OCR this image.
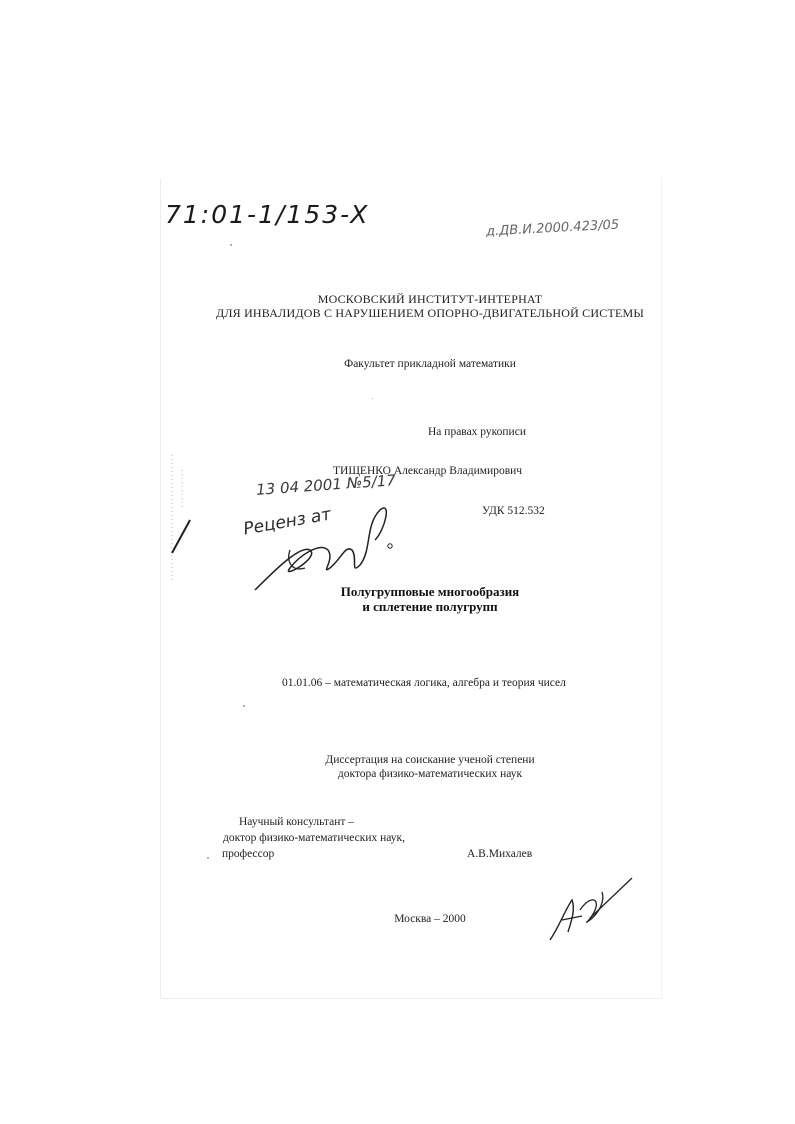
71:01-1/153-X	д.ДВ.И.2000.423/05
МОСКОВСКИЙ ИНСТИТУТ-ИНТЕРНАТ
ДЛЯ ИНВАЛИДОВ С НАРУШЕНИЕМ ОПОРНО-ДВИГАТЕЛЬНОЙ СИСТЕМЫ
Факультет прикладной математики
На правах рукописи
ТИЩЕНКО Александр Владимирович
13 04 2001 №5/17
УДК 512.532
Реценз ат
Полугрупповые многообразия
и сплетение полугрупп
01.01.06 – математическая логика, алгебра и теория чисел
Диссертация на соискание ученой степени
доктора физико-математических наук
Научный консультант –
доктор физико-математических наук,
профессор	А.В.Михалев
Москва – 2000
